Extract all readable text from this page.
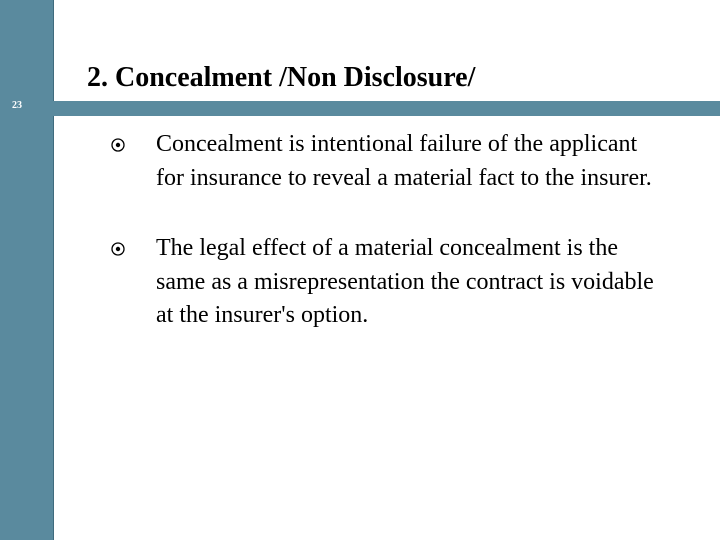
23
2. Concealment /Non Disclosure/
Concealment is intentional failure of the applicant for insurance to reveal a material fact to the insurer.
The legal effect of a material concealment is the same as a misrepresentation the contract is voidable at the insurer's option.
